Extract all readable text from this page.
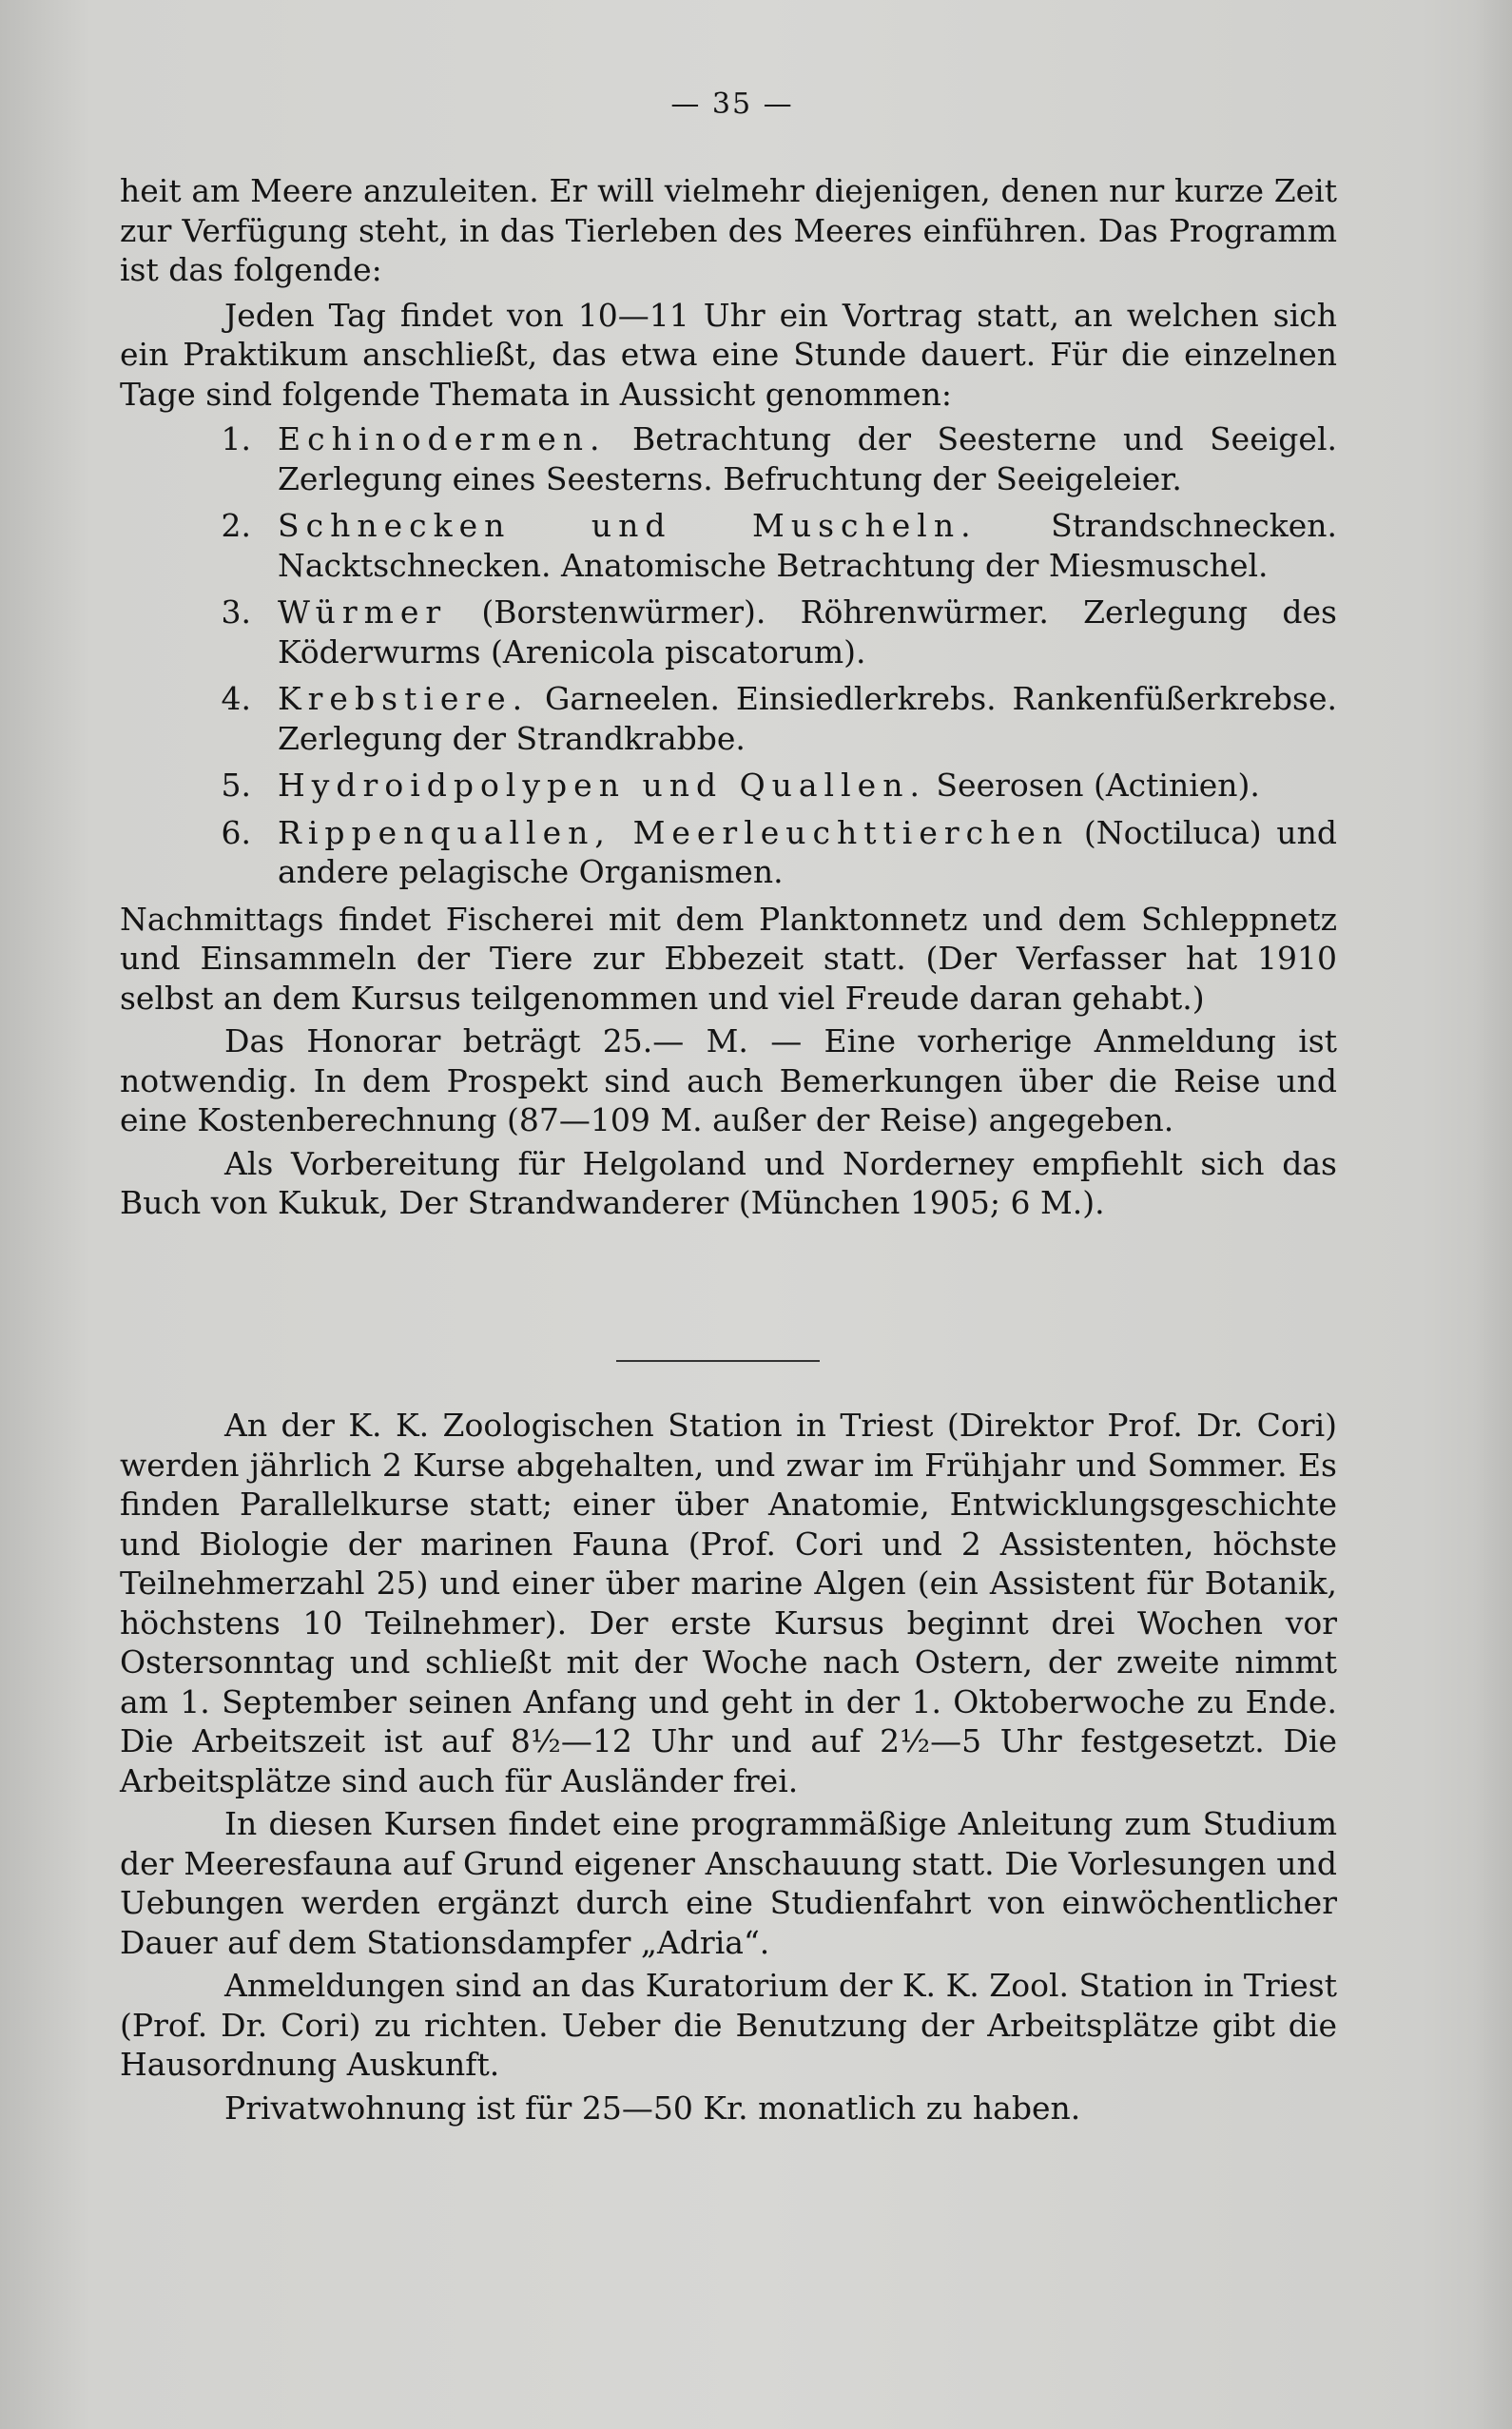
— 35 —

heit am Meere anzuleiten. Er will vielmehr diejenigen, denen nur kurze Zeit zur Verfügung steht, in das Tierleben des Meeres einführen. Das Programm ist das folgende:

Jeden Tag findet von 10—11 Uhr ein Vortrag statt, an welchen sich ein Praktikum anschließt, das etwa eine Stunde dauert. Für die einzelnen Tage sind folgende Themata in Aussicht genommen:

1. Echinodermen. Betrachtung der Seesterne und Seeigel. Zerlegung eines Seesterns. Befruchtung der Seeigeleier.
2. Schnecken und Muscheln. Strandschnecken. Nacktschnecken. Anatomische Betrachtung der Miesmuschel.
3. Würmer (Borstenwürmer). Röhrenwürmer. Zerlegung des Köderwurms (Arenicola piscatorum).
4. Krebstiere. Garneelen. Einsiedlerkrebs. Rankenfüßerkrebse. Zerlegung der Strandkrabbe.
5. Hydroidpolypen und Quallen. Seerosen (Actinien).
6. Rippenquallen, Meerleuchttierchen (Noctiluca) und andere pelagische Organismen.

Nachmittags findet Fischerei mit dem Planktonnetz und dem Schleppnetz und Einsammeln der Tiere zur Ebbezeit statt. (Der Verfasser hat 1910 selbst an dem Kursus teilgenommen und viel Freude daran gehabt.)

Das Honorar beträgt 25.— M. — Eine vorherige Anmeldung ist notwendig. In dem Prospekt sind auch Bemerkungen über die Reise und eine Kostenberechnung (87—109 M. außer der Reise) angegeben.

Als Vorbereitung für Helgoland und Norderney empfiehlt sich das Buch von Kukuk, Der Strandwanderer (München 1905; 6 M.).

An der K. K. Zoologischen Station in Triest (Direktor Prof. Dr. Cori) werden jährlich 2 Kurse abgehalten, und zwar im Frühjahr und Sommer. Es finden Parallelkurse statt; einer über Anatomie, Entwicklungsgeschichte und Biologie der marinen Fauna (Prof. Cori und 2 Assistenten, höchste Teilnehmerzahl 25) und einer über marine Algen (ein Assistent für Botanik, höchstens 10 Teilnehmer). Der erste Kursus beginnt drei Wochen vor Ostersonntag und schließt mit der Woche nach Ostern, der zweite nimmt am 1. September seinen Anfang und geht in der 1. Oktoberwoche zu Ende. Die Arbeitszeit ist auf 8½—12 Uhr und auf 2½—5 Uhr festgesetzt. Die Arbeitsplätze sind auch für Ausländer frei.

In diesen Kursen findet eine programmäßige Anleitung zum Studium der Meeresfauna auf Grund eigener Anschauung statt. Die Vorlesungen und Uebungen werden ergänzt durch eine Studienfahrt von einwöchentlicher Dauer auf dem Stationsdampfer „Adria“.

Anmeldungen sind an das Kuratorium der K. K. Zool. Station in Triest (Prof. Dr. Cori) zu richten. Ueber die Benutzung der Arbeitsplätze gibt die Hausordnung Auskunft.

Privatwohnung ist für 25—50 Kr. monatlich zu haben.
